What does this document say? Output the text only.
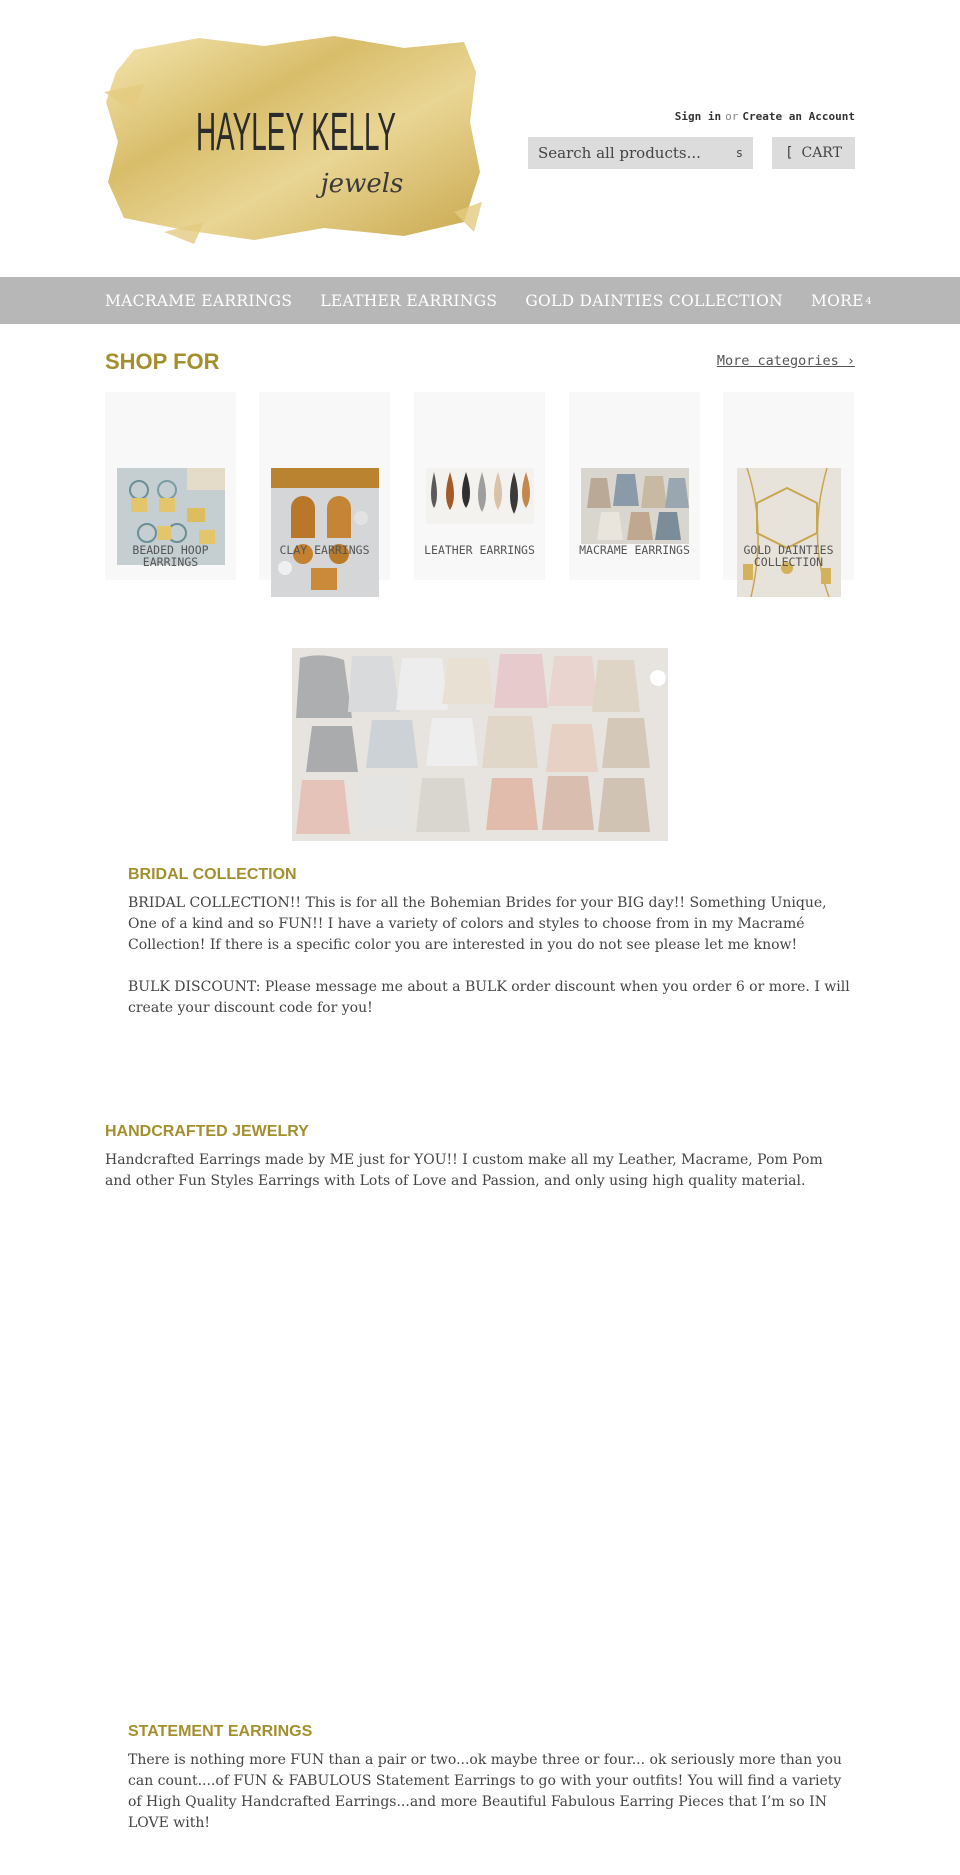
HAYLEY KELLY
jewels
Sign in or Create an Account
Search all products...
s	[ CART
MACRAME EARRINGS LEATHER EARRINGS GOLD DAINTIES COLLECTION MORE 4
SHOP FOR	More categories ›
BEADED HOOP
EARRINGS
CLAY EARRINGS	LEATHER EARRINGS	MACRAME EARRINGS	GOLD DAINTIES
COLLECTION
BRIDAL COLLECTION

BRIDAL COLLECTION!! This is for all the Bohemian Brides for your BIG day!! Something Unique, One of a kind and so FUN!! I have a variety of colors and styles to choose from in my Macramé Collection! If there is a specific color you are interested in you do not see please let me know!

BULK DISCOUNT: Please message me about a BULK order discount when you order 6 or more. I will create your discount code for you!

HANDCRAFTED JEWELRY

Handcrafted Earrings made by ME just for YOU!! I custom make all my Leather, Macrame, Pom Pom and other Fun Styles Earrings with Lots of Love and Passion, and only using high quality material.

STATEMENT EARRINGS

There is nothing more FUN than a pair or two...ok maybe three or four... ok seriously more than you can count....of FUN & FABULOUS Statement Earrings to go with your outfits! You will find a variety of High Quality Handcrafted Earrings...and more Beautiful Fabulous Earring Pieces that I’m so IN LOVE with!
